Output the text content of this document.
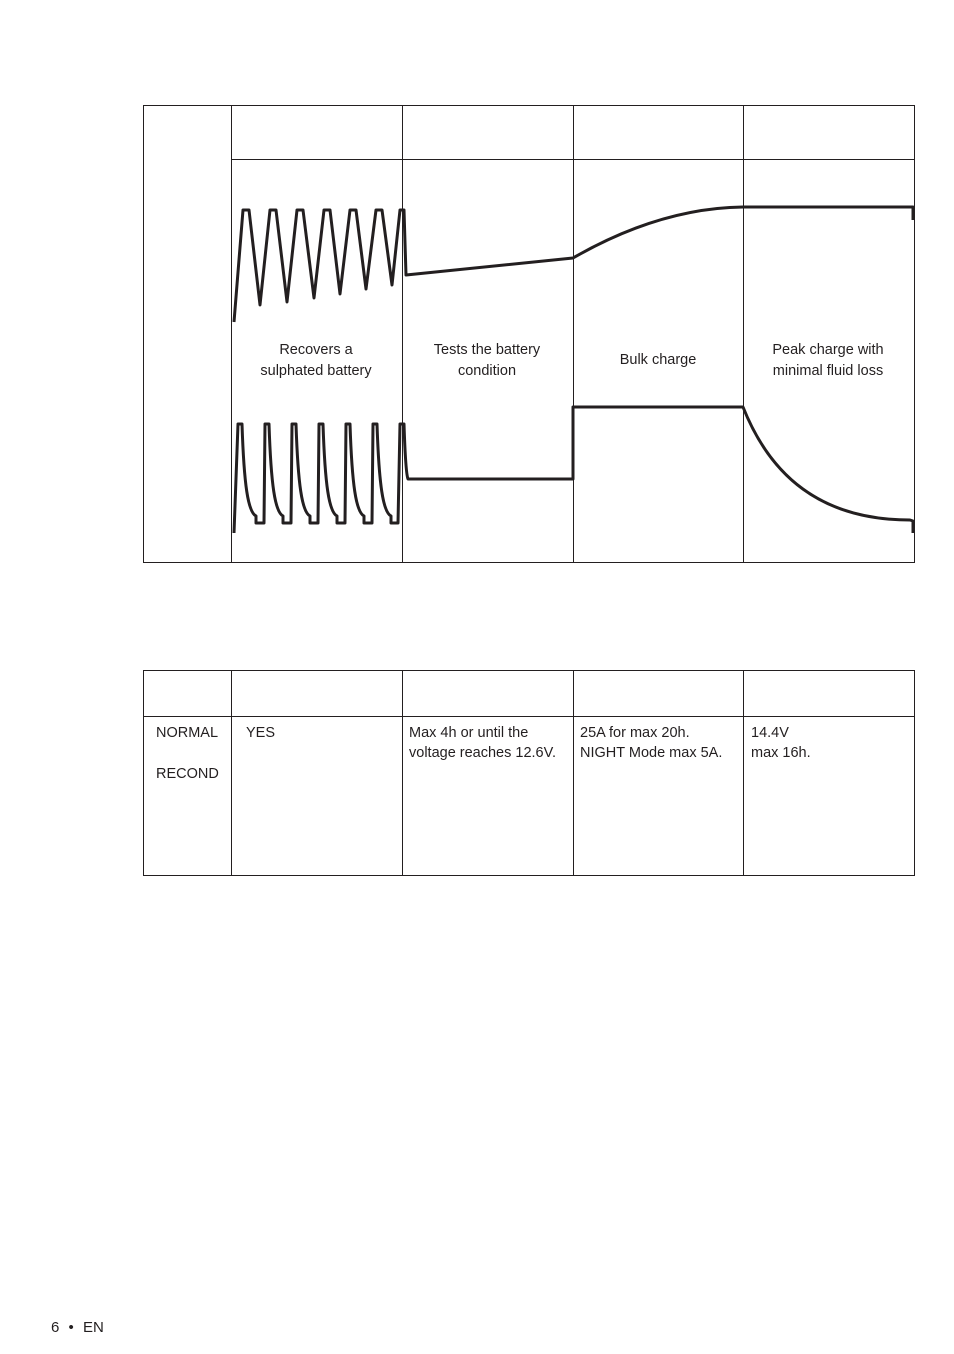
Recovers a
sulphated battery
Tests the battery
condition
Bulk charge
Peak charge with
minimal fluid loss
NORMAL
RECOND
YES	Max 4h or until the
voltage reaches 12.6V.
25A for max 20h.
NIGHT Mode max 5A.
14.4V
max 16h.
6 • EN
